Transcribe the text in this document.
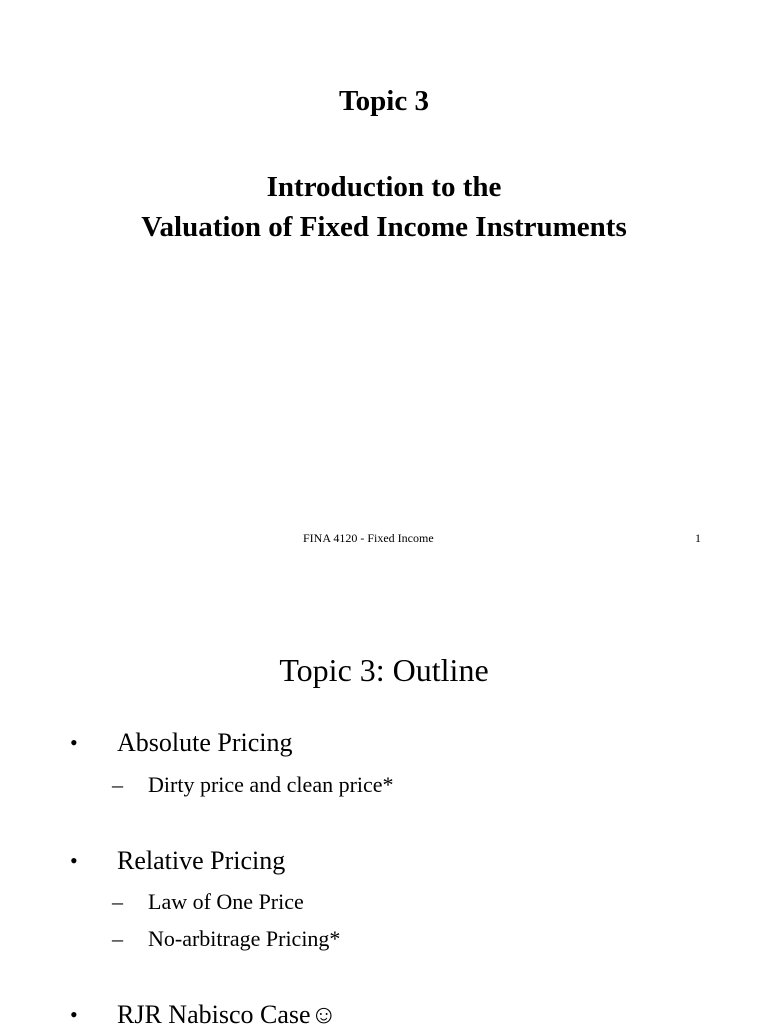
Topic 3
Introduction to the
Valuation of Fixed Income Instruments
FINA 4120 - Fixed Income	1
Topic 3: Outline
• Absolute Pricing
– Dirty price and clean price*
• Relative Pricing
– Law of One Price
– No-arbitrage Pricing*
• RJR Nabisco Case☺
